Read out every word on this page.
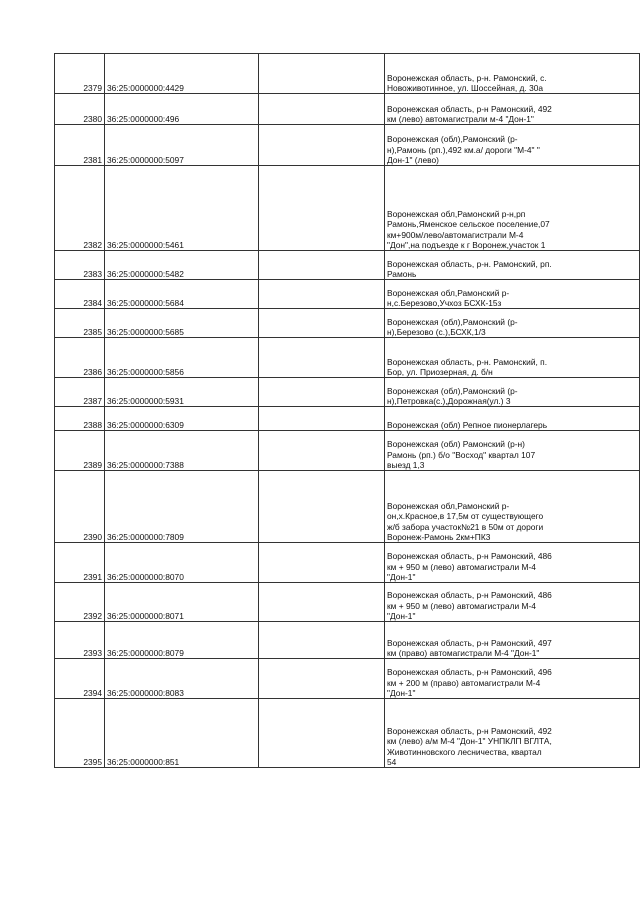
2379	36:25:0000000:4429		Воронежская область, р-н. Рамонский, с.
Новоживотинное, ул. Шоссейная, д. 30а

2380	36:25:0000000:496		Воронежская область, р-н Рамонский, 492
км (лево) автомагистрали м-4 "Дон-1"

2381	36:25:0000000:5097		Воронежская (обл),Рамонский (р-
н),Рамонь (рп.),492 км.а/ дороги "М-4" "
Дон-1" (лево)

2382	36:25:0000000:5461		Воронежская обл,Рамонский р-н,рп
Рамонь,Яменское сельское поселение,07
км+900м/лево/автомагистрали М-4
"Дон",на подъезде к г Воронеж,участок 1

2383	36:25:0000000:5482		Воронежская область, р-н. Рамонский, рп.
Рамонь

2384	36:25:0000000:5684		Воронежская обл,Рамонский р-
н,с.Березово,Учхоз БСХК-15з

2385	36:25:0000000:5685		Воронежская (обл),Рамонский (р-
н),Березово (с.),БСХК,1/3

2386	36:25:0000000:5856		Воронежская область, р-н. Рамонский, п.
Бор, ул. Приозерная, д. б/н

2387	36:25:0000000:5931		Воронежская (обл),Рамонский (р-
н),Петровка(с.),Дорожная(ул.) 3

2388	36:25:0000000:6309		Воронежская (обл) Репное пионерлагерь

2389	36:25:0000000:7388		Воронежская (обл) Рамонский (р-н)
Рамонь (рп.) б/о "Восход" квартал 107
выезд 1,3

2390	36:25:0000000:7809		Воронежская обл,Рамонский р-
он,х.Красное,в 17,5м от существующего
ж/б забора участок№21 в 50м от дороги
Воронеж-Рамонь 2км+ПК3

2391	36:25:0000000:8070		Воронежская область, р-н Рамонский, 486
км + 950 м (лево) автомагистрали М-4
"Дон-1"

2392	36:25:0000000:8071		Воронежская область, р-н Рамонский, 486
км + 950 м (лево) автомагистрали М-4
"Дон-1"

2393	36:25:0000000:8079		Воронежская область, р-н Рамонский, 497
км (право) автомагистрали М-4 "Дон-1"

2394	36:25:0000000:8083		Воронежская область, р-н Рамонский, 496
км + 200 м (право) автомагистрали М-4
"Дон-1"

2395	36:25:0000000:851		Воронежская область, р-н Рамонский, 492
км (лево) а/м М-4 "Дон-1" УНПКЛП ВГЛТА,
Животинновского лесничества, квартал
54
